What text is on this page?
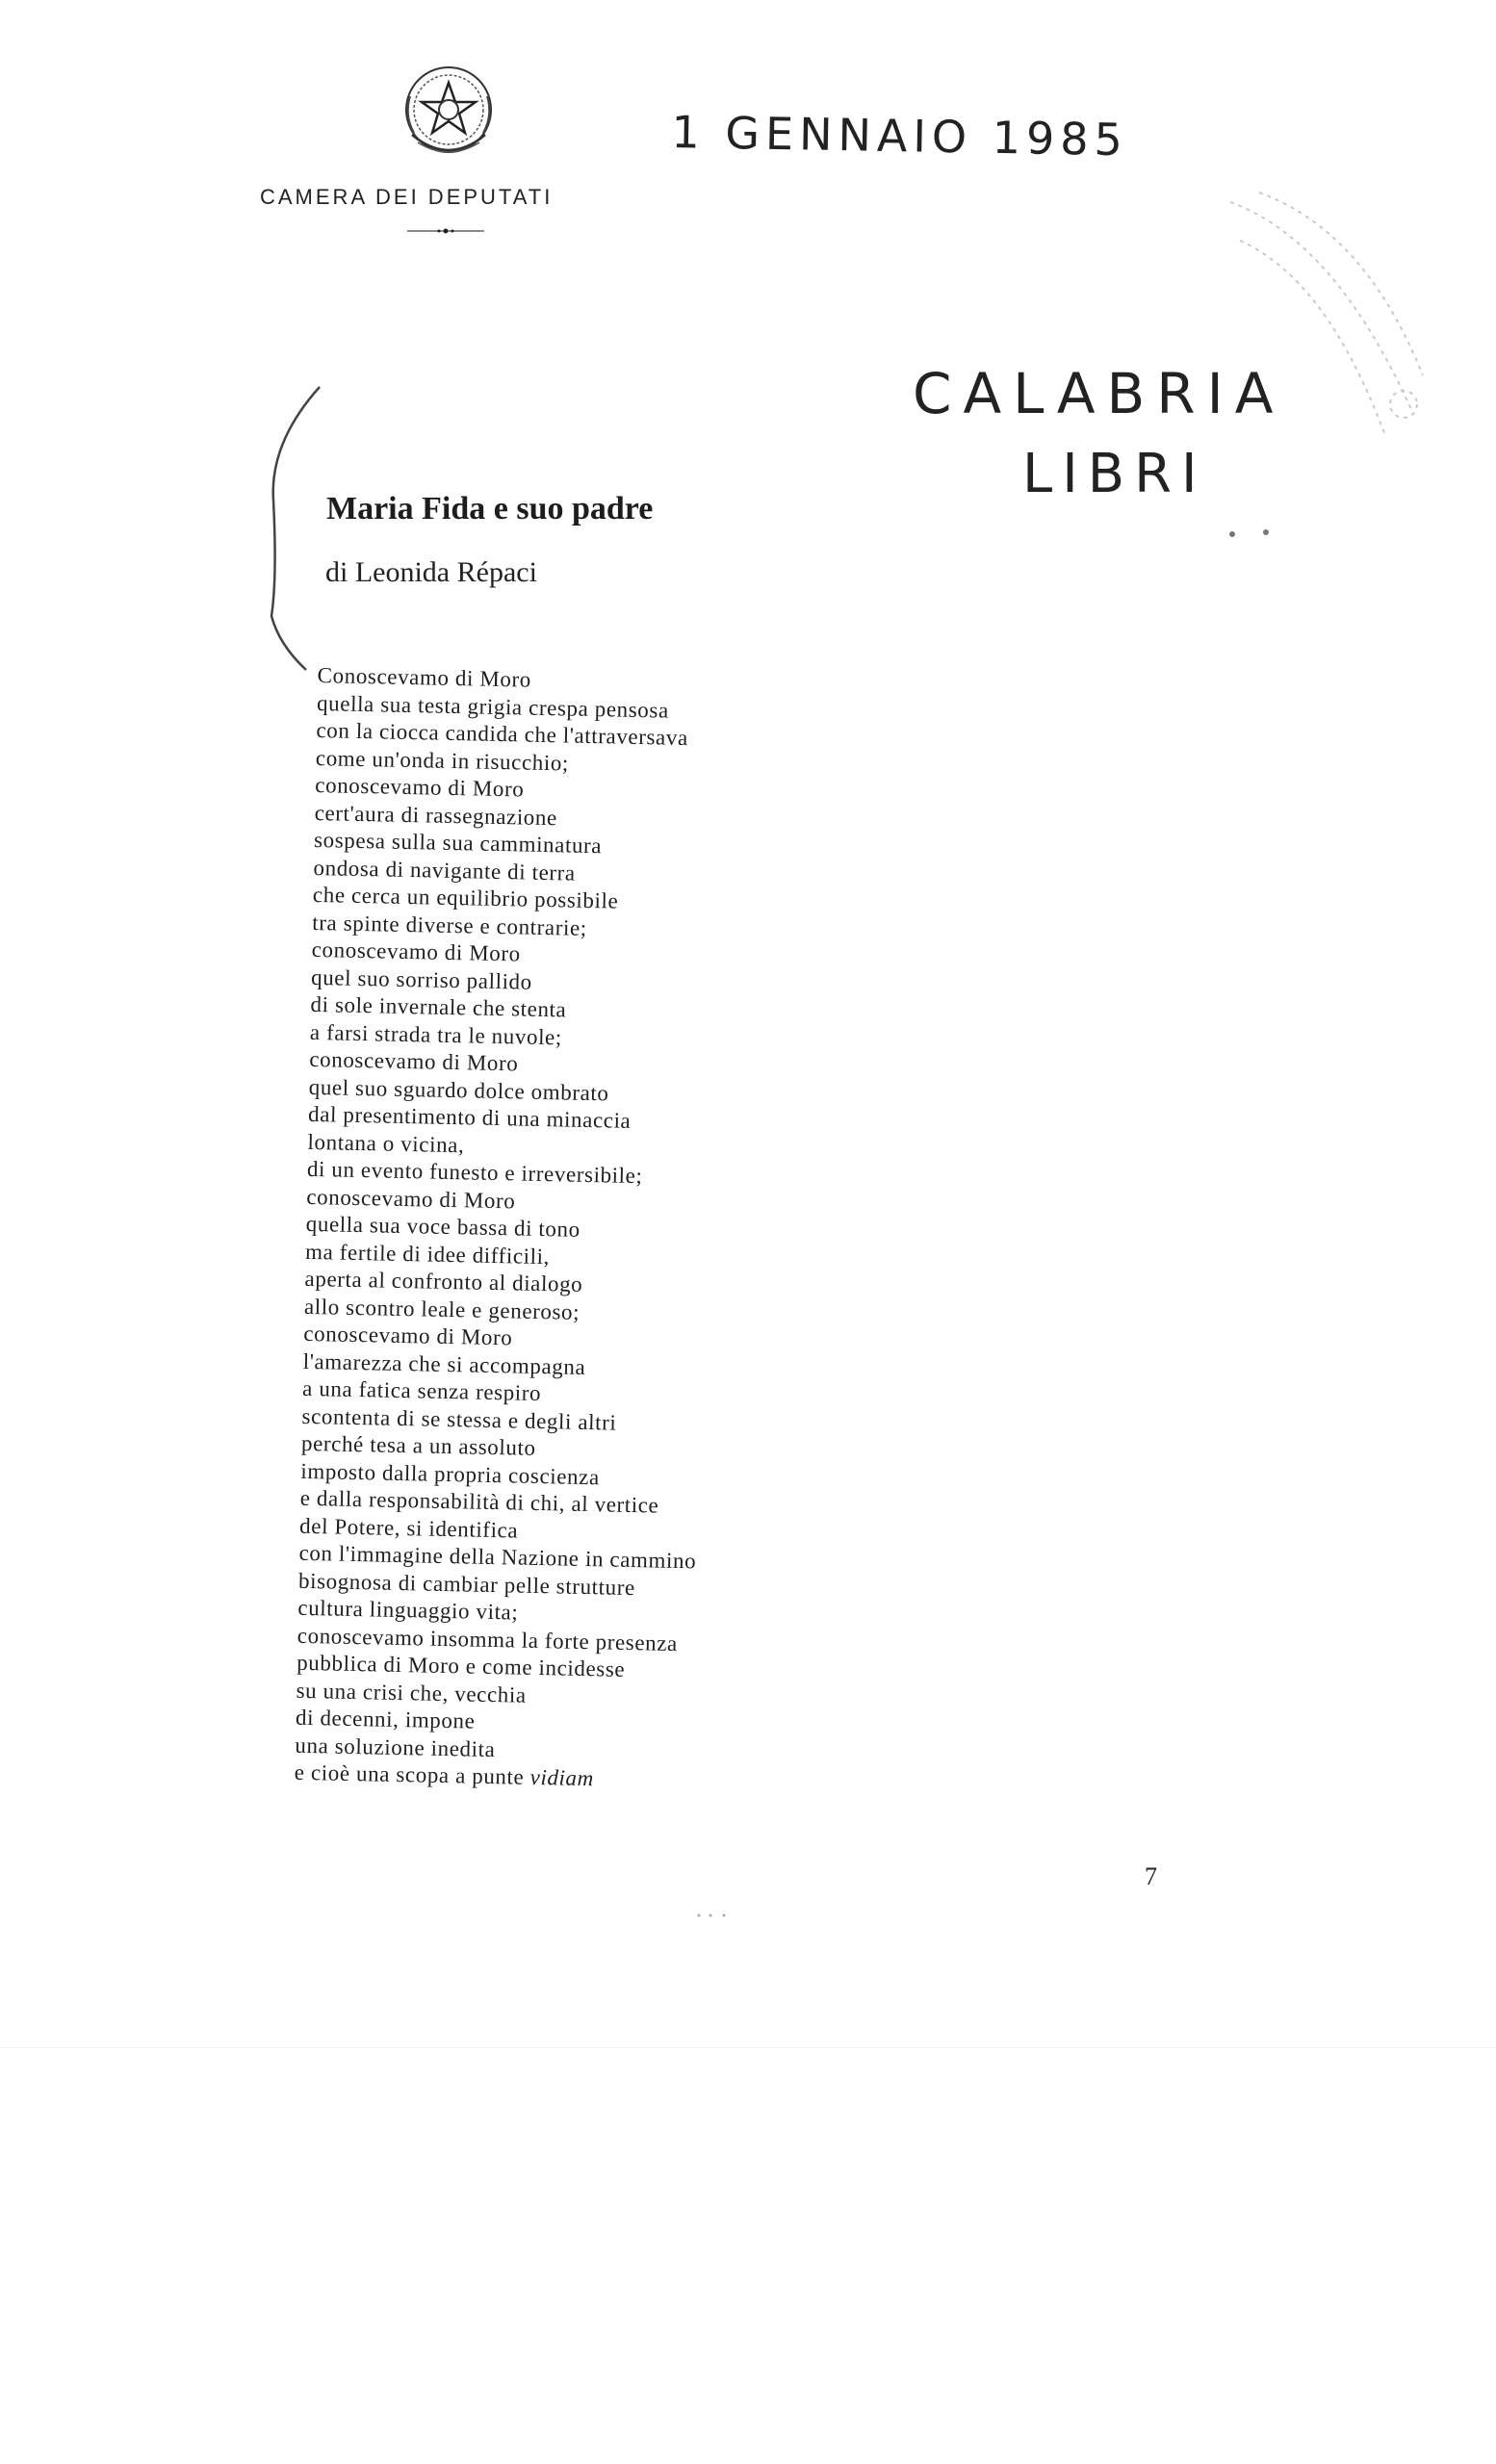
CAMERA DEI DEPUTATI
1 GENNAIO 1985
CALABRIA
LIBRI
Maria Fida e suo padre
di Leonida Répaci
Conoscevamo di Moro
quella sua testa grigia crespa pensosa
con la ciocca candida che l'attraversava
come un'onda in risucchio;
conoscevamo di Moro
cert'aura di rassegnazione
sospesa sulla sua camminatura
ondosa di navigante di terra
che cerca un equilibrio possibile
tra spinte diverse e contrarie;
conoscevamo di Moro
quel suo sorriso pallido
di sole invernale che stenta
a farsi strada tra le nuvole;
conoscevamo di Moro
quel suo sguardo dolce ombrato
dal presentimento di una minaccia
lontana o vicina,
di un evento funesto e irreversibile;
conoscevamo di Moro
quella sua voce bassa di tono
ma fertile di idee difficili,
aperta al confronto al dialogo
allo scontro leale e generoso;
conoscevamo di Moro
l'amarezza che si accompagna
a una fatica senza respiro
scontenta di se stessa e degli altri
perché tesa a un assoluto
imposto dalla propria coscienza
e dalla responsabilità di chi, al vertice
del Potere, si identifica
con l'immagine della Nazione in cammino
bisognosa di cambiar pelle strutture
cultura linguaggio vita;
conoscevamo insomma la forte presenza
pubblica di Moro e come incidesse
su una crisi che, vecchia
di decenni, impone
una soluzione inedita
e cioè una scopa a punte vidiam
7
